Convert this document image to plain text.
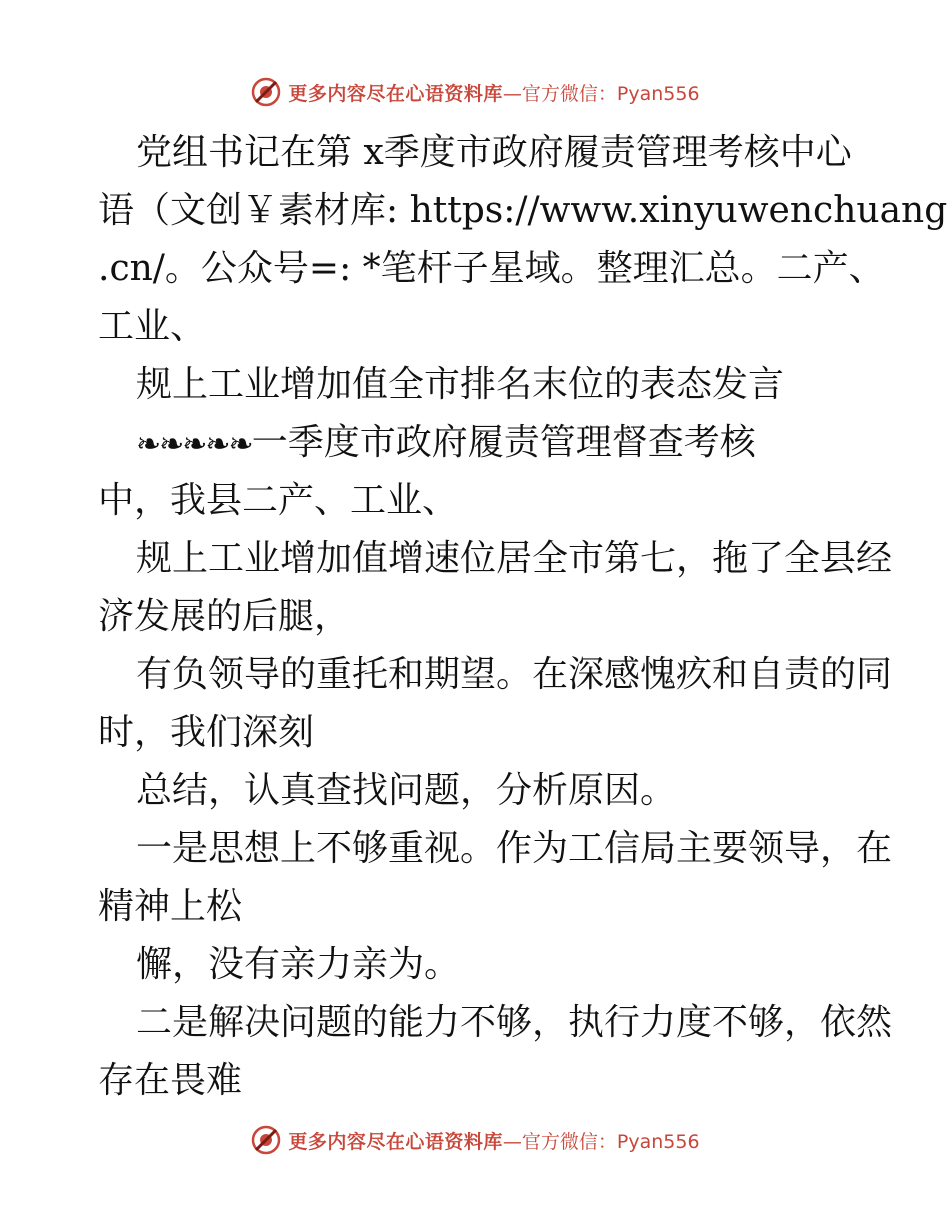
更多内容尽在心语资料库 —官方微信：Pyan556
党组书记在第 x季度市政府履责管理考核中心
语（文创￥素材库: https://www.xinyuwenchuang
.cn/。公众号=: *笔杆子星域。整理汇总。二产、
工业、
规上工业增加值全市排名末位的表态发言
❧❧❧❧❧一季度市政府履责管理督查考核
中，我县二产、工业、
规上工业增加值增速位居全市第七，拖了全县经
济发展的后腿，
有负领导的重托和期望。在深感愧疚和自责的同
时，我们深刻
总结，认真查找问题，分析原因。
一是思想上不够重视。作为工信局主要领导，在
精神上松
懈，没有亲力亲为。
二是解决问题的能力不够，执行力度不够，依然
存在畏难
更多内容尽在心语资料库 —官方微信：Pyan556
